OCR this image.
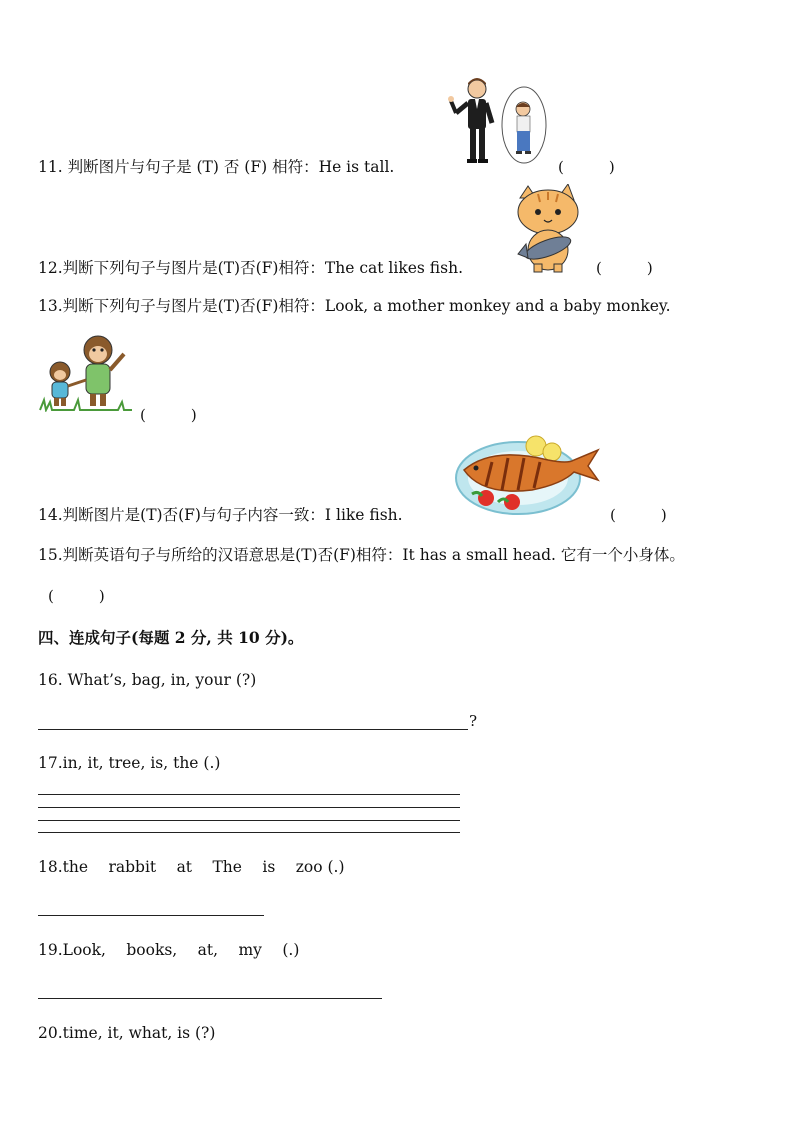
11. 判断图片与句子是 (T) 否 (F) 相符：He is tall.	(　　　)
12.判断下列句子与图片是(T)否(F)相符：The cat likes fish.	(　　　)
13.判断下列句子与图片是(T)否(F)相符：Look, a mother monkey and a baby monkey.
(　　　)
14.判断图片是(T)否(F)与句子内容一致：I like fish.	(　　　)
15.判断英语句子与所给的汉语意思是(T)否(F)相符：It has a small head. 它有一个小身体。
(　　　)
四、连成句子(每题 2 分, 共 10 分)。
16. What’s, bag, in, your (?)
?
17.in, it, tree, is, the (.)
18.the  rabbit  at  The  is  zoo (.)
19.Look,  books,  at,  my  (.)
20.time, it, what, is (?)
